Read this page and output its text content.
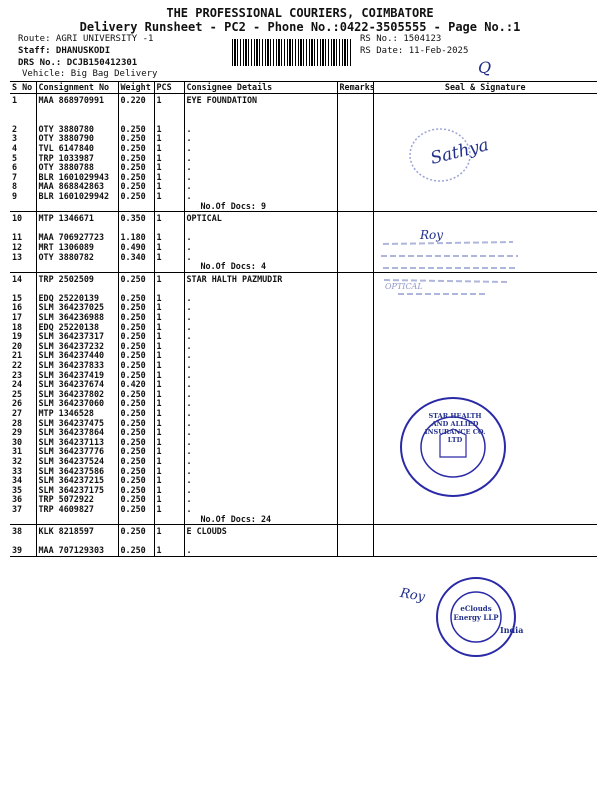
THE PROFESSIONAL COURIERS, COIMBATORE
Delivery Runsheet - PC2 - Phone No.:0422-3505555 - Page No.:1
Route: AGRI UNIVERSITY -1
Staff: DHANUSKODI
DRS No.: DCJB150412301
Vehicle: Big Bag Delivery
RS No.: 1504123
RS Date: 11-Feb-2025
Q
S No	Consignment No	Weight	PCS	Consignee Details	Remarks	Seal & Signature
1	MAA 868970991	0.220	1	EYE FOUNDATION		

2	OTY 3880780	0.250	1	.		
3	OTY 3880790	0.250	1	.		
4	TVL 6147840	0.250	1	.		
5	TRP 1033987	0.250	1	.		
6	OTY 3880788	0.250	1	.		
7	BLR 1601029943	0.250	1	.		
8	MAA 868842863	0.250	1	.		
9	BLR 1601029942	0.250	1	.		
				No.Of Docs: 9		
10	MTP 1346671	0.350	1	OPTICAL		

11	MAA 706927723	1.180	1	.		
12	MRT 1306089	0.490	1	.		
13	OTY 3880782	0.340	1	.		
				No.Of Docs: 4		
14	TRP 2502509	0.250	1	STAR HALTH PAZMUDIR		

15	EDQ 25220139	0.250	1	.		
16	SLM 364237025	0.250	1	.		
17	SLM 364236988	0.250	1	.		
18	EDQ 25220138	0.250	1	.		
19	SLM 364237317	0.250	1	.		
20	SLM 364237232	0.250	1	.		
21	SLM 364237440	0.250	1	.		
22	SLM 364237833	0.250	1	.		
23	SLM 364237419	0.250	1	.		
24	SLM 364237674	0.420	1	.		
25	SLM 364237802	0.250	1	.		
26	SLM 364237060	0.250	1	.		
27	MTP 1346528	0.250	1	.		
28	SLM 364237475	0.250	1	.		
29	SLM 364237864	0.250	1	.		
30	SLM 364237113	0.250	1	.		
31	SLM 364237776	0.250	1	.		
32	SLM 364237524	0.250	1	.		
33	SLM 364237586	0.250	1	.		
34	SLM 364237215	0.250	1	.		
35	SLM 364237175	0.250	1	.		
36	TRP 5072922	0.250	1	.		
37	TRP 4609827	0.250	1	.		
				No.Of Docs: 24		
38	KLK 8218597	0.250	1	E CLOUDS		

39	MAA 707129303	0.250	1	.		
Sathya
OPTICAL
Roy
STAR HEALTH AND ALLIED INSURANCE CO. LTD
eClouds Energy LLP
India
Roy
